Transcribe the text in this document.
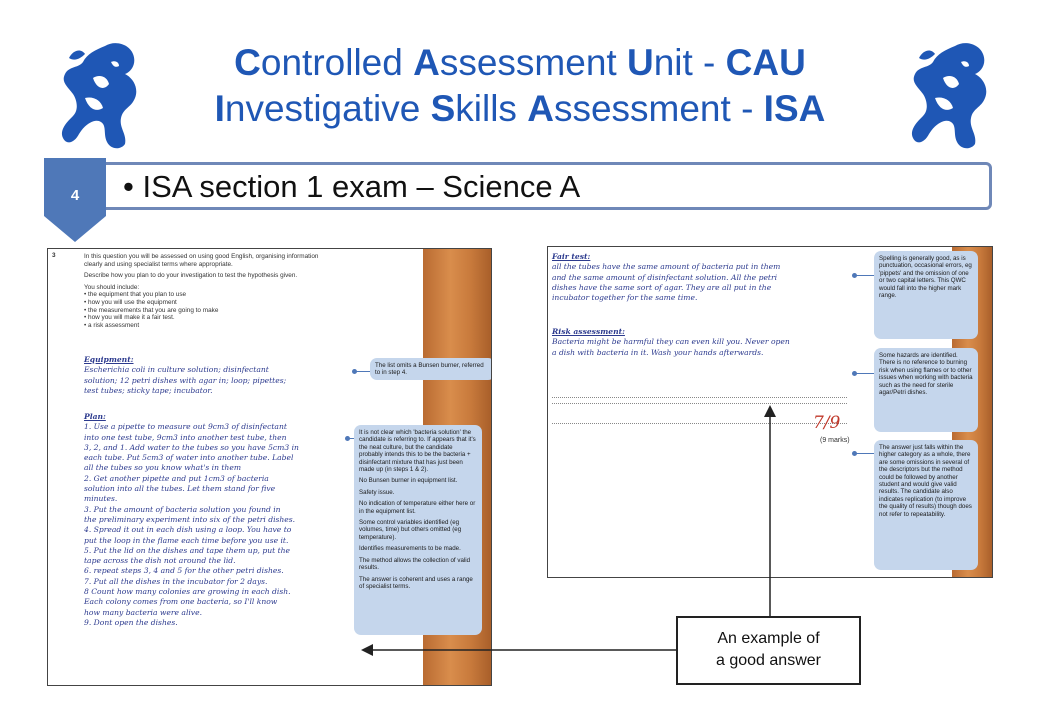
Controlled Assessment Unit - CAU
Investigative Skills Assessment - ISA
• ISA section 1 exam – Science A
4
3	In this question you will be assessed on using good English, organising information
clearly and using specialist terms where appropriate.
Describe how you plan to do your investigation to test the hypothesis given.
You should include:
• the equipment that you plan to use
• how you will use the equipment
• the measurements that you are going to make
• how you will make it a fair test.
• a risk assessment
Equipment:
Escherichia coli in culture solution; disinfectant
solution; 12 petri dishes with agar in; loop; pipettes;
test tubes; sticky tape; incubator.
Plan:
1. Use a pipette to measure out 9cm3 of disinfectant
into one test tube, 9cm3 into another test tube, then
3, 2, and 1. Add water to the tubes so you have 5cm3 in
each tube. Put 5cm3 of water into another tube. Label
all the tubes so you know what's in them
2. Get another pipette and put 1cm3 of bacteria
solution into all the tubes. Let them stand for five
minutes.
3. Put the amount of bacteria solution you found in
the preliminary experiment into six of the petri dishes.
4. Spread it out in each dish using a loop. You have to
put the loop in the flame each time before you use it.
5. Put the lid on the dishes and tape them up, put the
tape across the dish not around the lid.
6. repeat steps 3, 4 and 5 for the other petri dishes.
7. Put all the dishes in the incubator for 2 days.
8 Count how many colonies are growing in each dish.
Each colony comes from one bacteria, so I'll know
how many bacteria were alive.
9. Dont open the dishes.
The list omits a Bunsen burner, referred to in step 4.

It is not clear which 'bacteria solution' the candidate is referring to. If appears that it's the neat culture, but the candidate probably intends this to be the bacteria + disinfectant mixture that has just been made up (in steps 1 & 2).

No Bunsen burner in equipment list.

Safety issue.

No indication of temperature either here or in the equipment list.

Some control variables identified (eg volumes, time) but others omitted (eg temperature).

Identifies measurements to be made.

The method allows the collection of valid results.

The answer is coherent and uses a range of specialist terms.

Fair test:
all the tubes have the same amount of bacteria put in them
and the same amount of disinfectant solution. All the petri
dishes have the same sort of agar. They are all put in the
incubator together for the same time.
Risk assessment:
Bacteria might be harmful they can even kill you. Never open
a dish with bacteria in it. Wash your hands afterwards.
7/9
(9 marks)
Spelling is generally good, as is punctuation, occasional errors, eg 'pippets' and the omission of one or two capital letters. This QWC would fall into the higher mark range.
Some hazards are identified. There is no reference to burning risk when using flames or to other issues when working with bacteria such as the need for sterile agar/Petri dishes.
The answer just falls within the higher category as a whole, there are some omissions in several of the descriptors but the method could be followed by another student and would give valid results. The candidate also indicates replication (to improve the quality of results) though does not refer to repeatability.
An example of
a good answer
